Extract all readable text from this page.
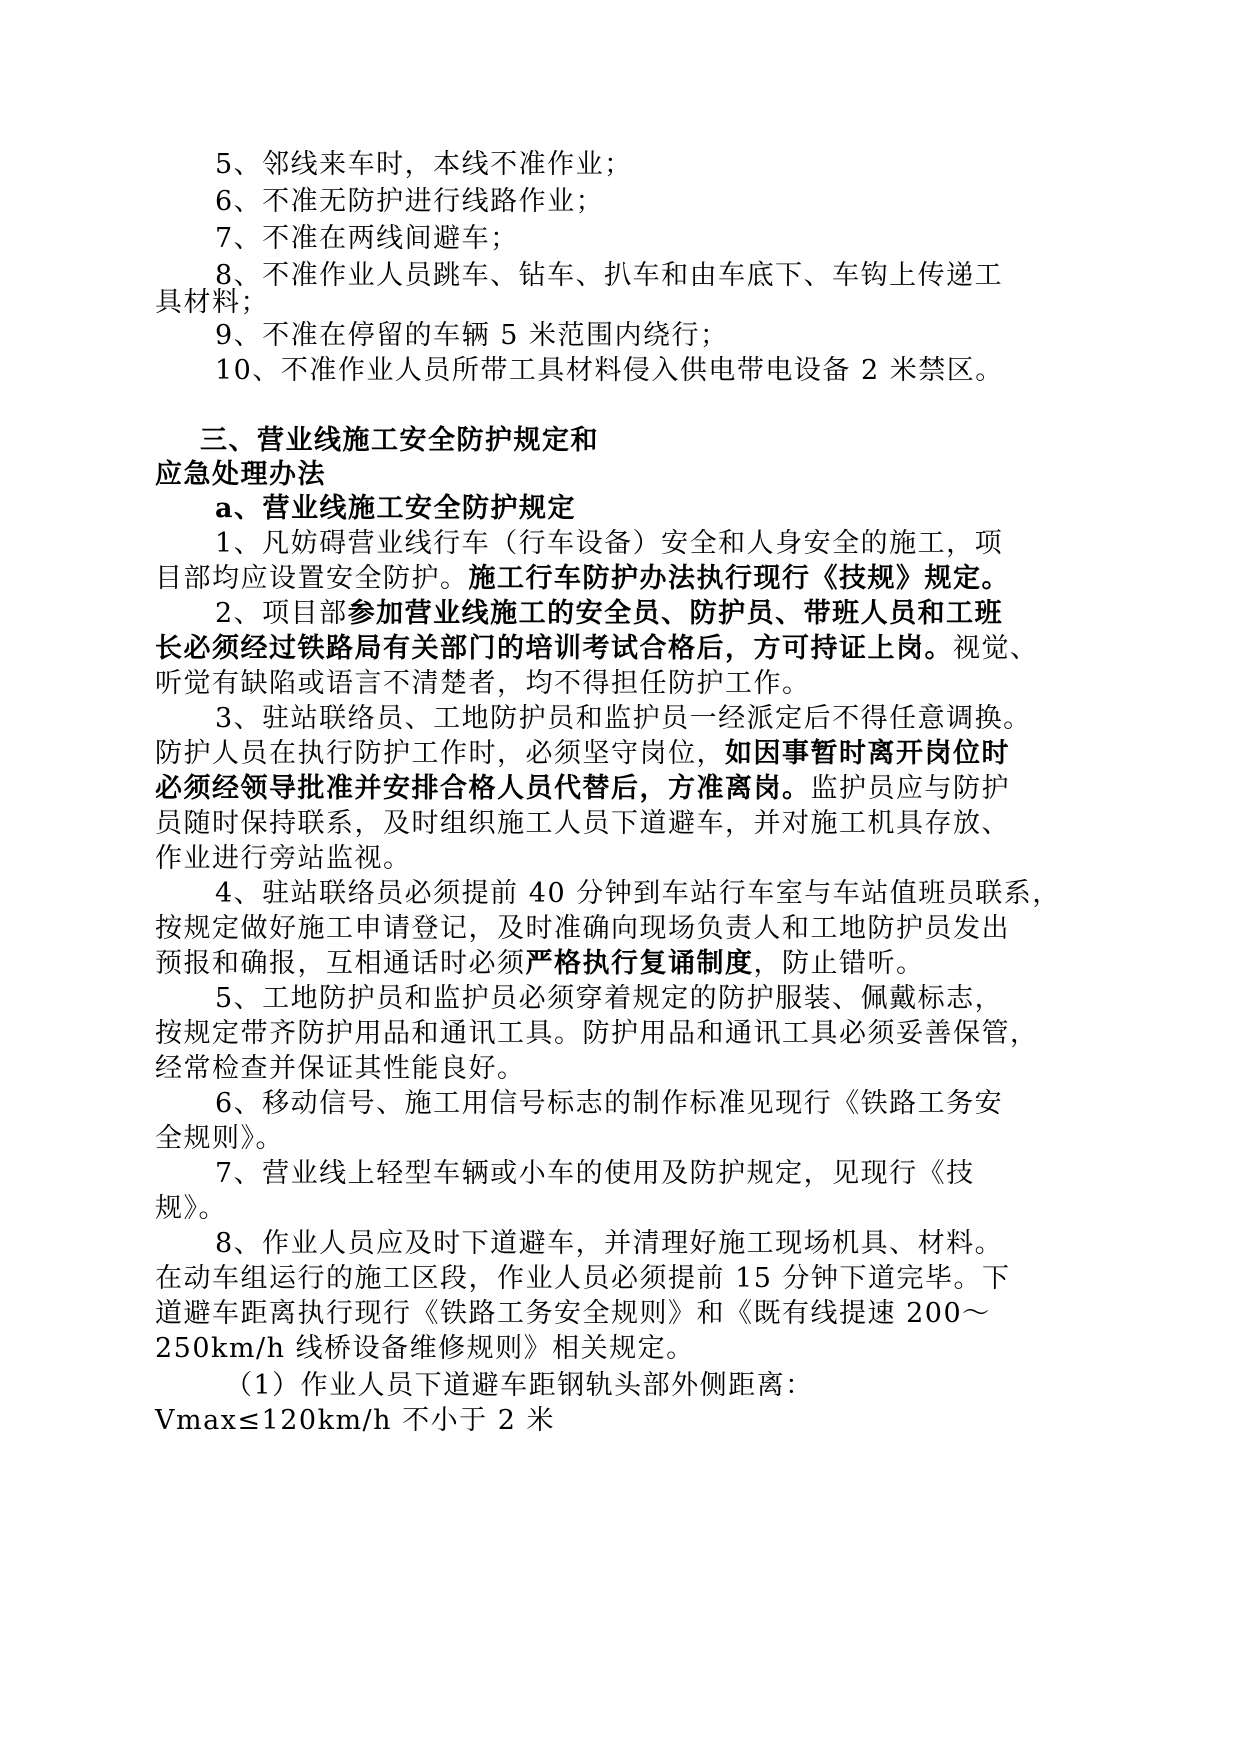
5、邻线来车时，本线不准作业；
6、不准无防护进行线路作业；
7、不准在两线间避车；
8、不准作业人员跳车、钻车、扒车和由车底下、车钩上传递工
具材料；
9、不准在停留的车辆 5 米范围内绕行；
10、不准作业人员所带工具材料侵入供电带电设备 2 米禁区。
三、营业线施工安全防护规定和
应急处理办法
a、营业线施工安全防护规定
1、凡妨碍营业线行车（行车设备）安全和人身安全的施工，项
目部均应设置安全防护。施工行车防护办法执行现行《技规》规定。
2、项目部参加营业线施工的安全员、防护员、带班人员和工班
长必须经过铁路局有关部门的培训考试合格后，方可持证上岗。视觉、
听觉有缺陷或语言不清楚者，均不得担任防护工作。
3、驻站联络员、工地防护员和监护员一经派定后不得任意调换。
防护人员在执行防护工作时，必须坚守岗位，如因事暂时离开岗位时
必须经领导批准并安排合格人员代替后，方准离岗。监护员应与防护
员随时保持联系，及时组织施工人员下道避车，并对施工机具存放、
作业进行旁站监视。
4、驻站联络员必须提前 40 分钟到车站行车室与车站值班员联系，
按规定做好施工申请登记，及时准确向现场负责人和工地防护员发出
预报和确报，互相通话时必须严格执行复诵制度，防止错听。
5、工地防护员和监护员必须穿着规定的防护服装、佩戴标志，
按规定带齐防护用品和通讯工具。防护用品和通讯工具必须妥善保管，
经常检查并保证其性能良好。
6、移动信号、施工用信号标志的制作标准见现行《铁路工务安
全规则》。
7、营业线上轻型车辆或小车的使用及防护规定，见现行《技
规》。
8、作业人员应及时下道避车，并清理好施工现场机具、材料。
在动车组运行的施工区段，作业人员必须提前 15 分钟下道完毕。下
道避车距离执行现行《铁路工务安全规则》和《既有线提速 200～
250km/h 线桥设备维修规则》相关规定。
（1）作业人员下道避车距钢轨头部外侧距离：
Vmax≤120km/h 不小于 2 米
